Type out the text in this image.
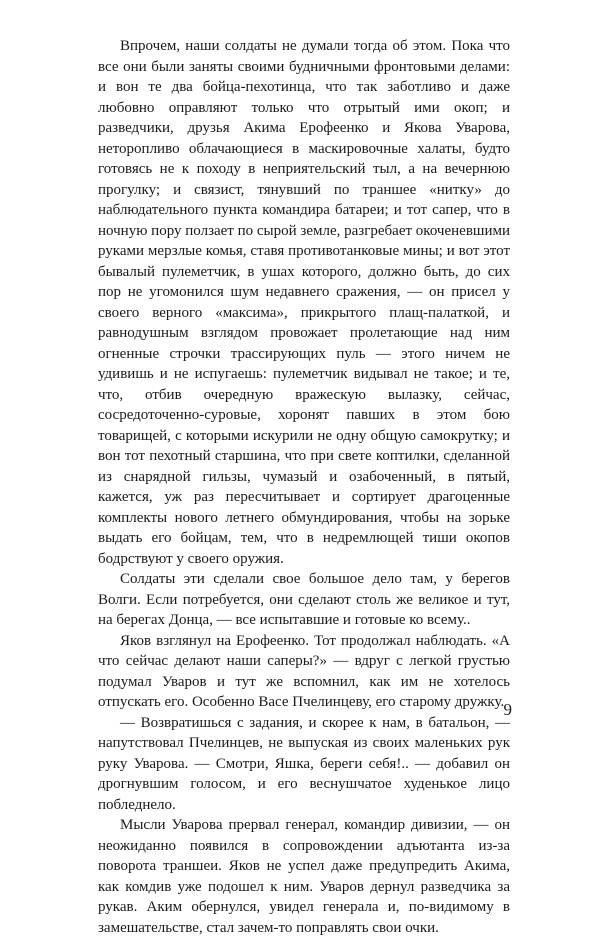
Впрочем, наши солдаты не думали тогда об этом. Пока что все они были заняты своими будничными фронтовыми делами: и вон те два бойца-пехотинца, что так заботливо и даже любовно оправляют только что отрытый ими окоп; и разведчики, друзья Акима Ерофеенко и Якова Уварова, неторопливо облачающиеся в маскировочные халаты, будто готовясь не к походу в неприятельский тыл, а на вечернюю прогулку; и связист, тянувший по траншее «нитку» до наблюдательного пункта командира батареи; и тот сапер, что в ночную пору ползает по сырой земле, разгребает окоченевшими руками мерзлые комья, ставя противотанковые мины; и вот этот бывалый пулеметчик, в ушах которого, должно быть, до сих пор не угомонился шум недавнего сражения, — он присел у своего верного «максима», прикрытого плащ-палаткой, и равнодушным взглядом провожает пролетающие над ним огненные строчки трассирующих пуль — этого ничем не удивишь и не испугаешь: пулеметчик видывал не такое; и те, что, отбив очередную вражескую вылазку, сейчас, сосредоточенно-суровые, хоронят павших в этом бою товарищей, с которыми искурили не одну общую самокрутку; и вон тот пехотный старшина, что при свете коптилки, сделанной из снарядной гильзы, чумазый и озабоченный, в пятый, кажется, уж раз пересчитывает и сортирует драгоценные комплекты нового летнего обмундирования, чтобы на зорьке выдать его бойцам, тем, что в недремлющей тиши окопов бодрствуют у своего оружия.

Солдаты эти сделали свое большое дело там, у берегов Волги. Если потребуется, они сделают столь же великое и тут, на берегах Донца, — все испытавшие и готовые ко всему..

Яков взглянул на Ерофеенко. Тот продолжал наблюдать. «А что сейчас делают наши саперы?» — вдруг с легкой грустью подумал Уваров и тут же вспомнил, как им не хотелось отпускать его. Особенно Васе Пчелинцеву, его старому дружку.

— Возвратишься с задания, и скорее к нам, в батальон, — напутствовал Пчелинцев, не выпуская из своих маленьких рук руку Уварова. — Смотри, Яшка, береги себя!.. — добавил он дрогнувшим голосом, и его веснушчатое худенькое лицо побледнело.

Мысли Уварова прервал генерал, командир дивизии, — он неожиданно появился в сопровождении адъютанта из-за поворота траншеи. Яков не успел даже предупредить Акима, как комдив уже подошел к ним. Уваров дернул разведчика за рукав. Аким обернулся, увидел генерала и, по-видимому в замешательстве, стал зачем-то поправлять свои очки.

9
